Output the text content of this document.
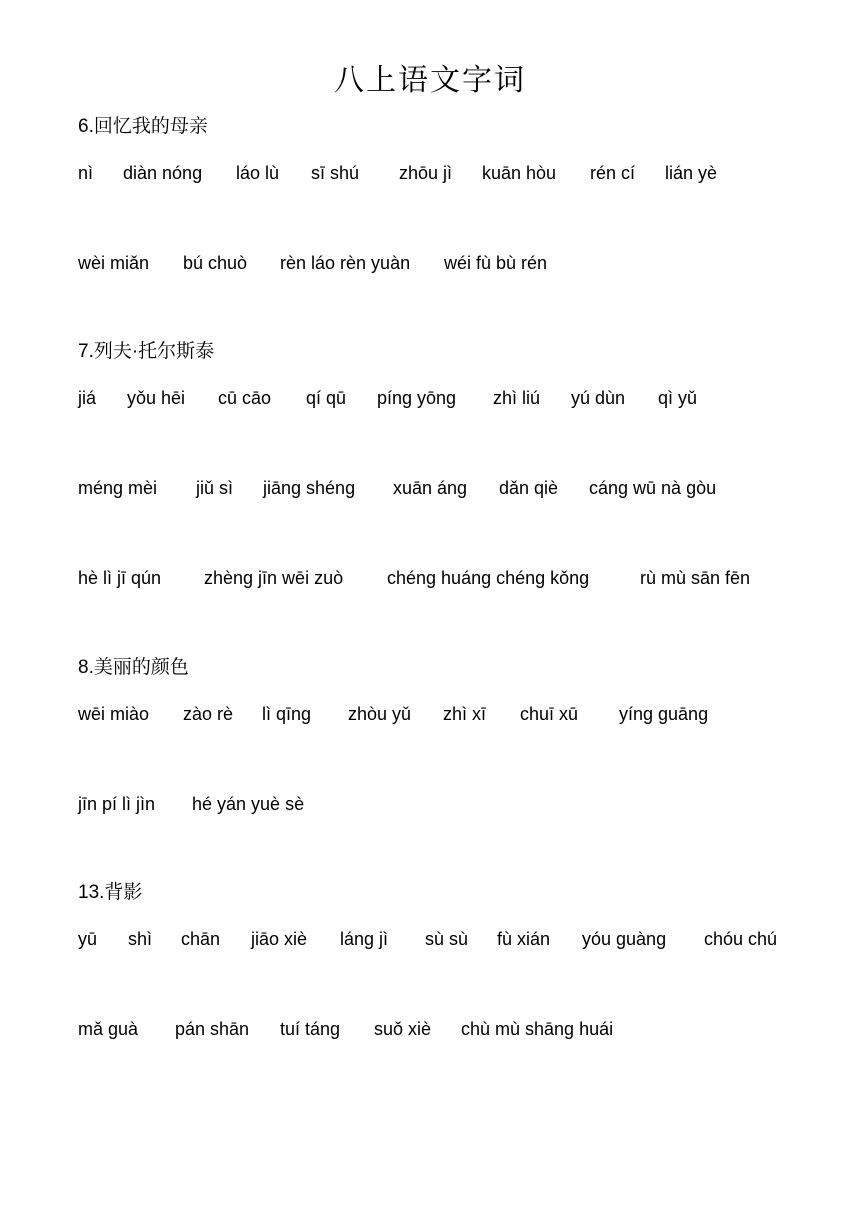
八上语文字词
6.回忆我的母亲
nì diàn nóng láo lù sī shú zhōu jì kuān hòu rén cí lián yè
wèi miǎn bú chuò rèn láo rèn yuàn wéi fù bù rén
7.列夫·托尔斯泰
jiá yǒu hēi cū cāo qí qū píng yōng zhì liú yú dùn qì yǔ
méng mèi jiǔ sì jiāng shéng xuān áng dǎn qiè cáng wū nà gòu
hè lì jī qún zhèng jīn wēi zuò chéng huáng chéng kǒng	rù mù sān fēn
8.美丽的颜色
wēi miào zào rè lì qīng zhòu yǔ zhì xī chuī xū yíng guāng
jīn pí lì jìn hé yán yuè sè
13.背影
yū shì chān jiāo xiè láng jì sù sù fù xián yóu guàng chóu chú
mǎ guà pán shān tuí táng suǒ xiè chù mù shāng huái
